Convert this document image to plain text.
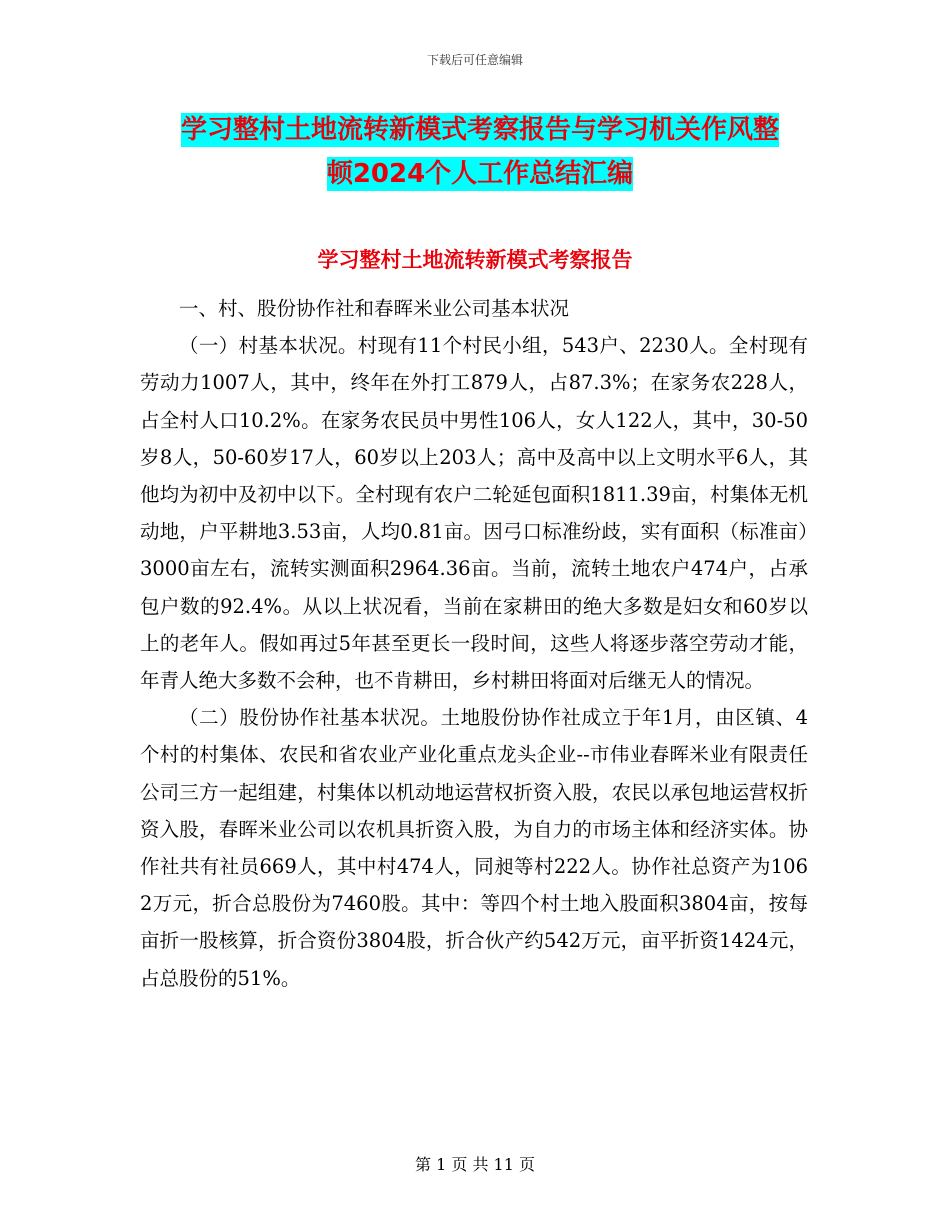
下载后可任意编辑
学习整村土地流转新模式考察报告与学习机关作风整
顿2024个人工作总结汇编
学习整村土地流转新模式考察报告

一、村、股份协作社和春晖米业公司基本状况

（一）村基本状况。村现有11个村民小组，543户、2230人。全村现有劳动力1007人，其中，终年在外打工879人，占87.3%；在家务农228人，占全村人口10.2%。在家务农民员中男性106人，女人122人，其中，30-50岁8人，50-60岁17人，60岁以上203人；高中及高中以上文明水平6人，其他均为初中及初中以下。全村现有农户二轮延包面积1811.39亩，村集体无机动地，户平耕地3.53亩，人均0.81亩。因弓口标准纷歧，实有面积（标准亩）3000亩左右，流转实测面积2964.36亩。当前，流转土地农户474户，占承包户数的92.4%。从以上状况看，当前在家耕田的绝大多数是妇女和60岁以上的老年人。假如再过5年甚至更长一段时间，这些人将逐步落空劳动才能，年青人绝大多数不会种，也不肯耕田，乡村耕田将面对后继无人的情况。

（二）股份协作社基本状况。土地股份协作社成立于年1月，由区镇、4个村的村集体、农民和省农业产业化重点龙头企业--市伟业春晖米业有限责任公司三方一起组建，村集体以机动地运营权折资入股，农民以承包地运营权折资入股，春晖米业公司以农机具折资入股，为自力的市场主体和经济实体。协作社共有社员669人，其中村474人，同昶等村222人。协作社总资产为1062万元，折合总股份为7460股。其中：等四个村土地入股面积3804亩，按每亩折一股核算，折合资份3804股，折合伙产约542万元，亩平折资1424元，占总股份的51%。

第 1 页 共 11 页
